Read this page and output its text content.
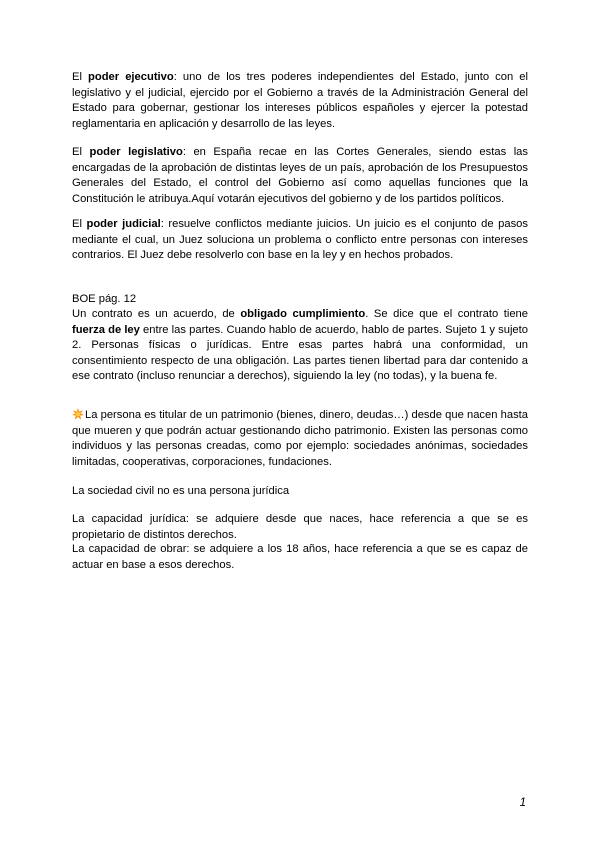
El poder ejecutivo: uno de los tres poderes independientes del Estado, junto con el legislativo y el judicial, ejercido por el Gobierno a través de la Administración General del Estado para gobernar, gestionar los intereses públicos españoles y ejercer la potestad reglamentaria en aplicación y desarrollo de las leyes.

El poder legislativo: en España recae en las Cortes Generales, siendo estas las encargadas de la aprobación de distintas leyes de un país, aprobación de los Presupuestos Generales del Estado, el control del Gobierno así como aquellas funciones que la Constitución le atribuya.Aquí votarán ejecutivos del gobierno y de los partidos políticos.

El poder judicial: resuelve conflictos mediante juicios. Un juicio es el conjunto de pasos mediante el cual, un Juez soluciona un problema o conflicto entre personas con intereses contrarios. El Juez debe resolverlo con base en la ley y en hechos probados.

BOE pág. 12

Un contrato es un acuerdo, de obligado cumplimiento. Se dice que el contrato tiene fuerza de ley entre las partes. Cuando hablo de acuerdo, hablo de partes. Sujeto 1 y sujeto 2. Personas físicas o jurídicas. Entre esas partes habrá una conformidad, un consentimiento respecto de una obligación. Las partes tienen libertad para dar contenido a ese contrato (incluso renunciar a derechos), siguiendo la ley (no todas), y la buena fe.

La persona es titular de un patrimonio (bienes, dinero, deudas…) desde que nacen hasta que mueren y que podrán actuar gestionando dicho patrimonio. Existen las personas como individuos y las personas creadas, como por ejemplo: sociedades anónimas, sociedades limitadas, cooperativas, corporaciones, fundaciones.

La sociedad civil no es una persona jurídica

La capacidad jurídica: se adquiere desde que naces, hace referencia a que se es propietario de distintos derechos.

La capacidad de obrar: se adquiere a los 18 años, hace referencia a que se es capaz de actuar en base a esos derechos.

1
